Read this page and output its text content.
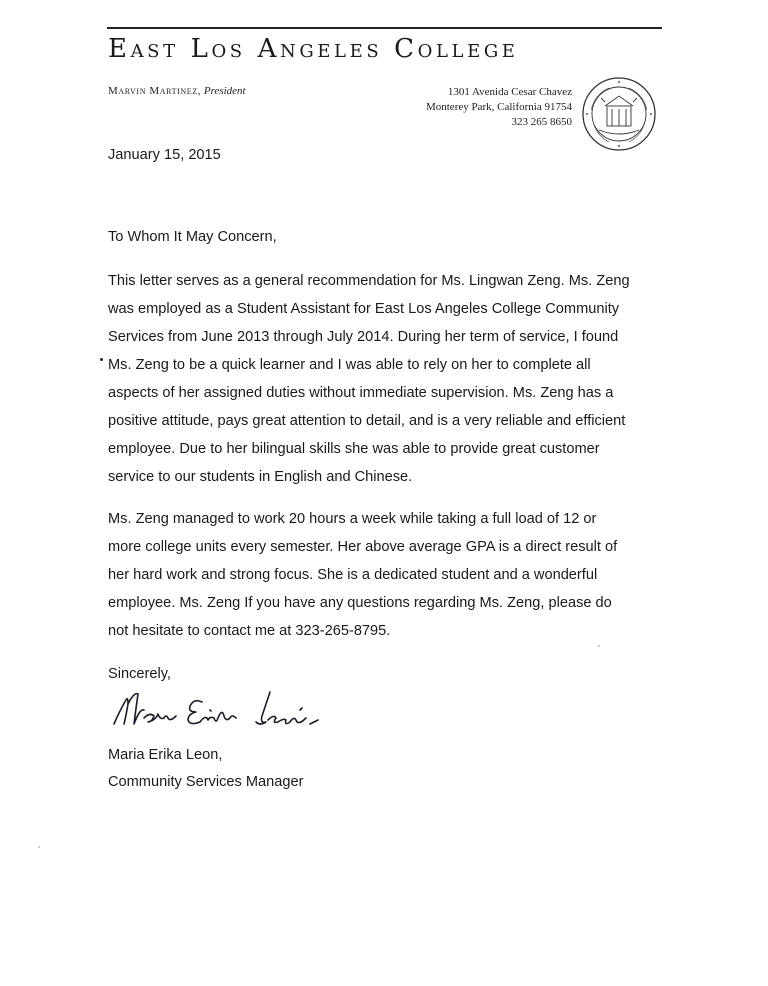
East Los Angeles College
Marvin Martinez, President	1301 Avenida Cesar Chavez
Monterey Park, California 91754
323 265 8650
January 15, 2015
To Whom It May Concern,
This letter serves as a general recommendation for Ms. Lingwan Zeng. Ms. Zeng
was employed as a Student Assistant for East Los Angeles College Community
Services from June 2013 through July 2014. During her term of service, I found
Ms. Zeng to be a quick learner and I was able to rely on her to complete all
aspects of her assigned duties without immediate supervision. Ms. Zeng has a
positive attitude, pays great attention to detail, and is a very reliable and efficient
employee. Due to her bilingual skills she was able to provide great customer
service to our students in English and Chinese.
Ms. Zeng managed to work 20 hours a week while taking a full load of 12 or
more college units every semester. Her above average GPA is a direct result of
her hard work and strong focus. She is a dedicated student and a wonderful
employee. Ms. Zeng If you have any questions regarding Ms. Zeng, please do
not hesitate to contact me at 323-265-8795.
Sincerely,
Maria Erika Leon,
Community Services Manager
